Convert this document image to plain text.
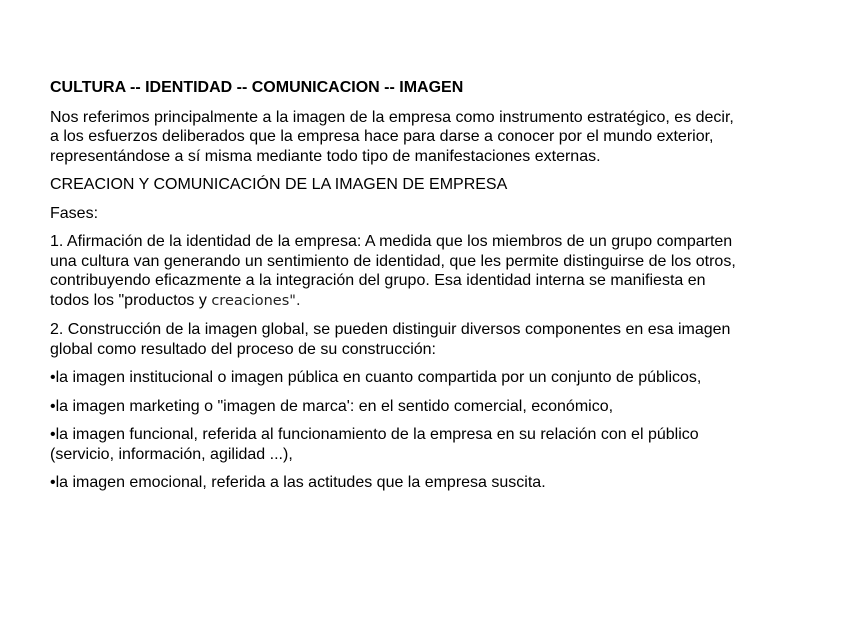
CULTURA -- IDENTIDAD -- COMUNICACION -- IMAGEN
Nos referimos principalmente a la imagen de la empresa como instrumento estratégico, es decir, a los esfuerzos deliberados que la empresa hace para darse a conocer por el mundo exterior, representándose a sí misma mediante todo tipo de manifestaciones externas.
CREACION Y COMUNICACIÓN DE LA IMAGEN DE EMPRESA
Fases:
1. Afirmación de la identidad de la empresa: A medida que los miembros de un grupo comparten una cultura van generando un sentimiento de identidad, que les permite distinguirse de los otros, contribuyendo eficazmente a la integración del grupo. Esa identidad interna se manifiesta en todos los "productos y creaciones".
2. Construcción de la imagen global, se pueden distinguir diversos componentes en esa imagen global como resultado del proceso de su construcción:
•la imagen institucional o imagen pública en cuanto compartida por un conjunto de públicos,
•la imagen marketing o "imagen de marca': en el sentido comercial, económico,
•la imagen funcional, referida al funcionamiento de la empresa en su relación con el público (servicio, información, agilidad ...),
•la imagen emocional, referida a las actitudes que la empresa suscita.
